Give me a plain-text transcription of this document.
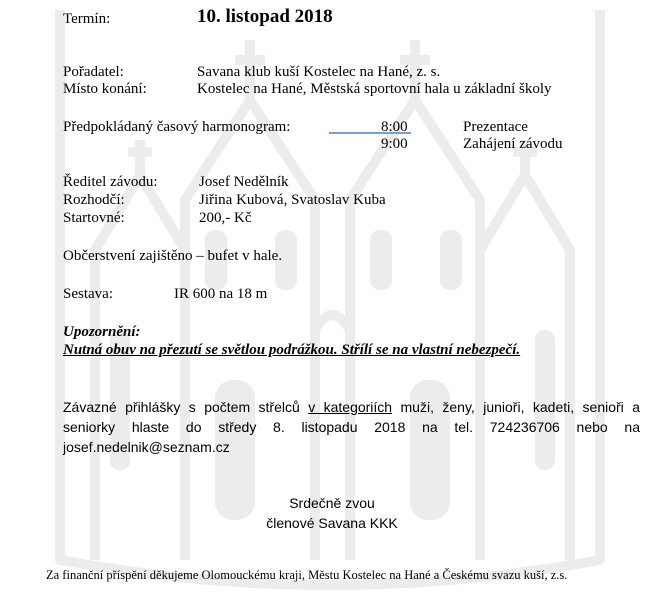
Termín:	10. listopad 2018
Pořadatel:	Savana klub kuší Kostelec na Hané, z. s.
Místo konání:	Kostelec na Hané, Městská sportovní hala u základní školy
Předpokládaný časový harmonogram:	8:00	Prezentace
9:00	Zahájení závodu
Ředitel závodu:	Josef Nedělník
Rozhodčí:	Jiřina Kubová, Svatoslav Kuba
Startovné:	200,- Kč
Občerstvení zajištěno – bufet v hale.
Sestava:	IR 600 na 18 m
Upozornění:
Nutná obuv na přezutí se světlou podrážkou. Střílí se na vlastní nebezpečí.
Závazné přihlášky s počtem střelců v kategoriích muži, ženy, junioři, kadeti, senioři a seniorky hlaste do středy 8. listopadu 2018 na tel. 724236706 nebo na josef.nedelnik@seznam.cz
Srdečně zvou
členové Savana KKK
Za finanční příspění děkujeme Olomouckému kraji, Městu Kostelec na Hané a Českému svazu kuší, z.s.
